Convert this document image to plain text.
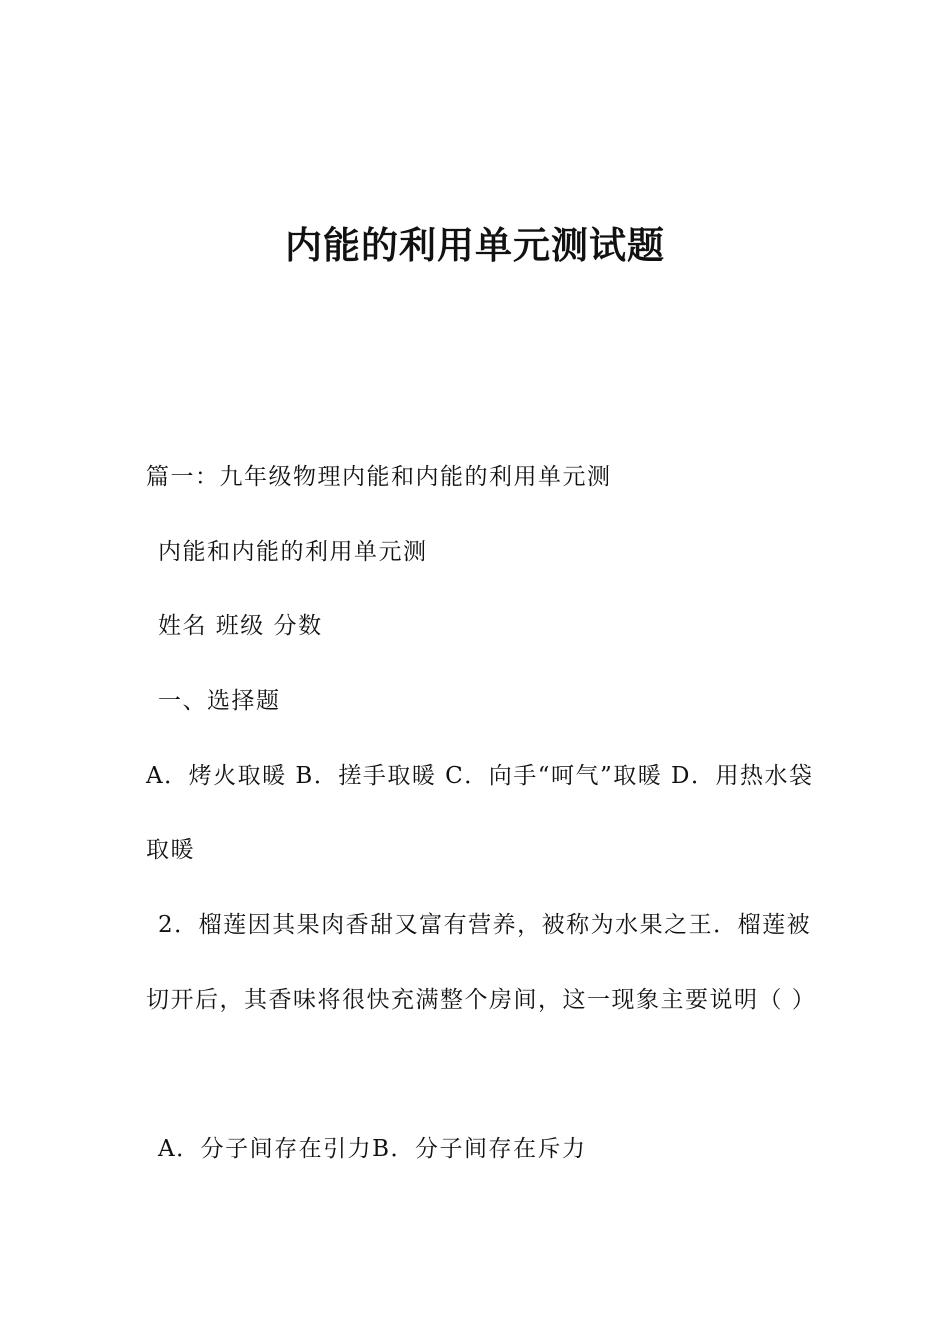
内能的利用单元测试题
篇一：九年级物理内能和内能的利用单元测
内能和内能的利用单元测
姓名 班级 分数
一、选择题
A．烤火取暖 B．搓手取暖 C．向手“呵气”取暖 D．用热水袋
取暖
2．榴莲因其果肉香甜又富有营养，被称为水果之王．榴莲被
切开后，其香味将很快充满整个房间，这一现象主要说明（ ）
A．分子间存在引力B．分子间存在斥力
